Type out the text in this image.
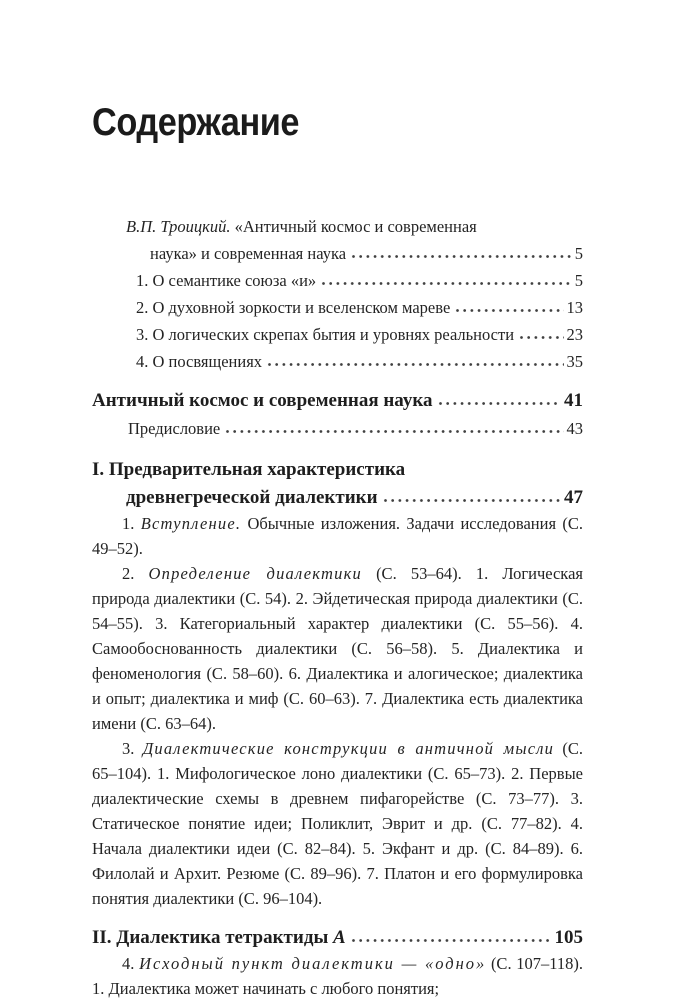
Содержание
В.П. Троицкий. «Античный космос и современная
наука» и современная наука	5
1. О семантике союза «и»	5
2. О духовной зоркости и вселенском мареве	13
3. О логических скрепах бытия и уровнях реальности	23
4. О посвящениях	35
Античный космос и современная наука	41
Предисловие	43
I. Предварительная характеристика
древнегреческой диалектики	47

1. Вступление. Обычные изложения. Задачи исследования (С. 49–52).

2. Определение диалектики (С. 53–64). 1. Логическая природа диалектики (С. 54). 2. Эйдетическая природа диалектики (С. 54–55). 3. Категориальный характер диалектики (С. 55–56). 4. Самообоснованность диалектики (С. 56–58). 5. Диалектика и феноменология (С. 58–60). 6. Диалектика и алогическое; диалектика и опыт; диалектика и миф (С. 60–63). 7. Диалектика есть диалектика имени (С. 63–64).

3. Диалектические конструкции в античной мысли (С. 65–104). 1. Мифологическое лоно диалектики (С. 65–73). 2. Первые диалектические схемы в древнем пифагорействе (С. 73–77). 3. Статическое понятие идеи; Поликлит, Эврит и др. (С. 77–82). 4. Начала диалектики идеи (С. 82–84). 5. Экфант и др. (С. 84–89). 6. Филолай и Архит. Резюме (С. 89–96). 7. Платон и его формулировка понятия диалектики (С. 96–104).

II. Диалектика тетрактиды A	105

4. Исходный пункт диалектики — «одно» (С. 107–118). 1. Диалектика может начинать с любого понятия;
